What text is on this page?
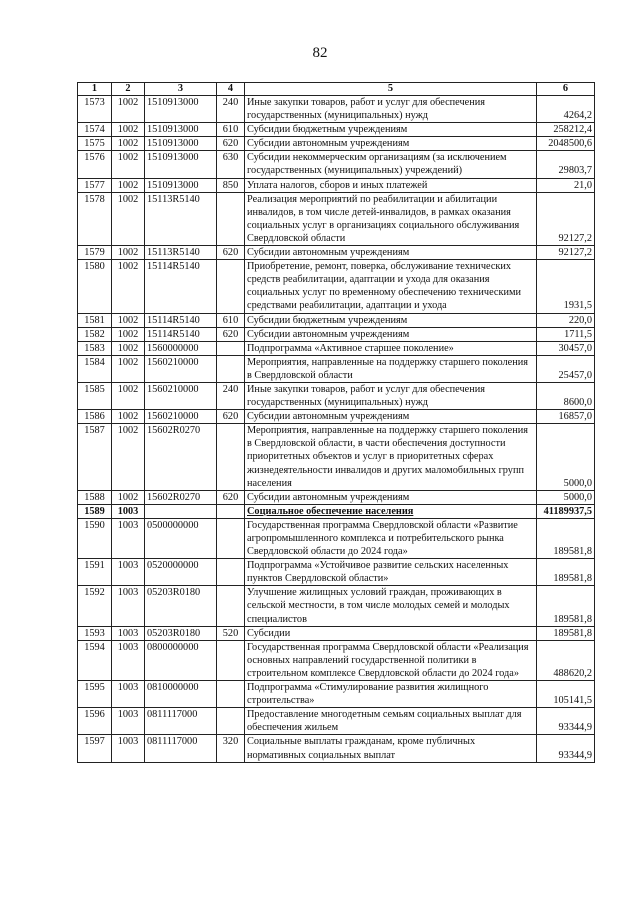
82
1	2	3	4	5	6
1573	1002	1510913000	240	Иные закупки товаров, работ и услуг для обеспечения государственных (муниципальных) нужд	4264,2
1574	1002	1510913000	610	Субсидии бюджетным учреждениям	258212,4
1575	1002	1510913000	620	Субсидии автономным учреждениям	2048500,6
1576	1002	1510913000	630	Субсидии некоммерческим организациям (за исключением государственных (муниципальных) учреждений)	29803,7
1577	1002	1510913000	850	Уплата налогов, сборов и иных платежей	21,0
1578	1002	15113R5140		Реализация мероприятий по реабилитации и абилитации инвалидов, в том числе детей-инвалидов, в рамках оказания социальных услуг в организациях социального обслуживания Свердловской области	92127,2
1579	1002	15113R5140	620	Субсидии автономным учреждениям	92127,2
1580	1002	15114R5140		Приобретение, ремонт, поверка, обслуживание технических средств реабилитации, адаптации и ухода для оказания социальных услуг по временному обеспечению техническими средствами реабилитации, адаптации и ухода	1931,5
1581	1002	15114R5140	610	Субсидии бюджетным учреждениям	220,0
1582	1002	15114R5140	620	Субсидии автономным учреждениям	1711,5
1583	1002	1560000000		Подпрограмма «Активное старшее поколение»	30457,0
1584	1002	1560210000		Мероприятия, направленные на поддержку старшего поколения в Свердловской области	25457,0
1585	1002	1560210000	240	Иные закупки товаров, работ и услуг для обеспечения государственных (муниципальных) нужд	8600,0
1586	1002	1560210000	620	Субсидии автономным учреждениям	16857,0
1587	1002	15602R0270		Мероприятия, направленные на поддержку старшего поколения в Свердловской области, в части обеспечения доступности приоритетных объектов и услуг в приоритетных сферах жизнедеятельности инвалидов и других маломобильных групп населения	5000,0
1588	1002	15602R0270	620	Субсидии автономным учреждениям	5000,0
1589	1003			Социальное обеспечение населения	41189937,5
1590	1003	0500000000		Государственная программа Свердловской области «Развитие агропромышленного комплекса и потребительского рынка Свердловской области до 2024 года»	189581,8
1591	1003	0520000000		Подпрограмма «Устойчивое развитие сельских населенных пунктов Свердловской области»	189581,8
1592	1003	05203R0180		Улучшение жилищных условий граждан, проживающих в сельской местности, в том числе молодых семей и молодых специалистов	189581,8
1593	1003	05203R0180	520	Субсидии	189581,8
1594	1003	0800000000		Государственная программа Свердловской области «Реализация основных направлений государственной политики в строительном комплексе Свердловской области до 2024 года»	488620,2
1595	1003	0810000000		Подпрограмма «Стимулирование развития жилищного строительства»	105141,5
1596	1003	0811117000		Предоставление многодетным семьям социальных выплат для обеспечения жильем	93344,9
1597	1003	0811117000	320	Социальные выплаты гражданам, кроме публичных нормативных социальных выплат	93344,9
